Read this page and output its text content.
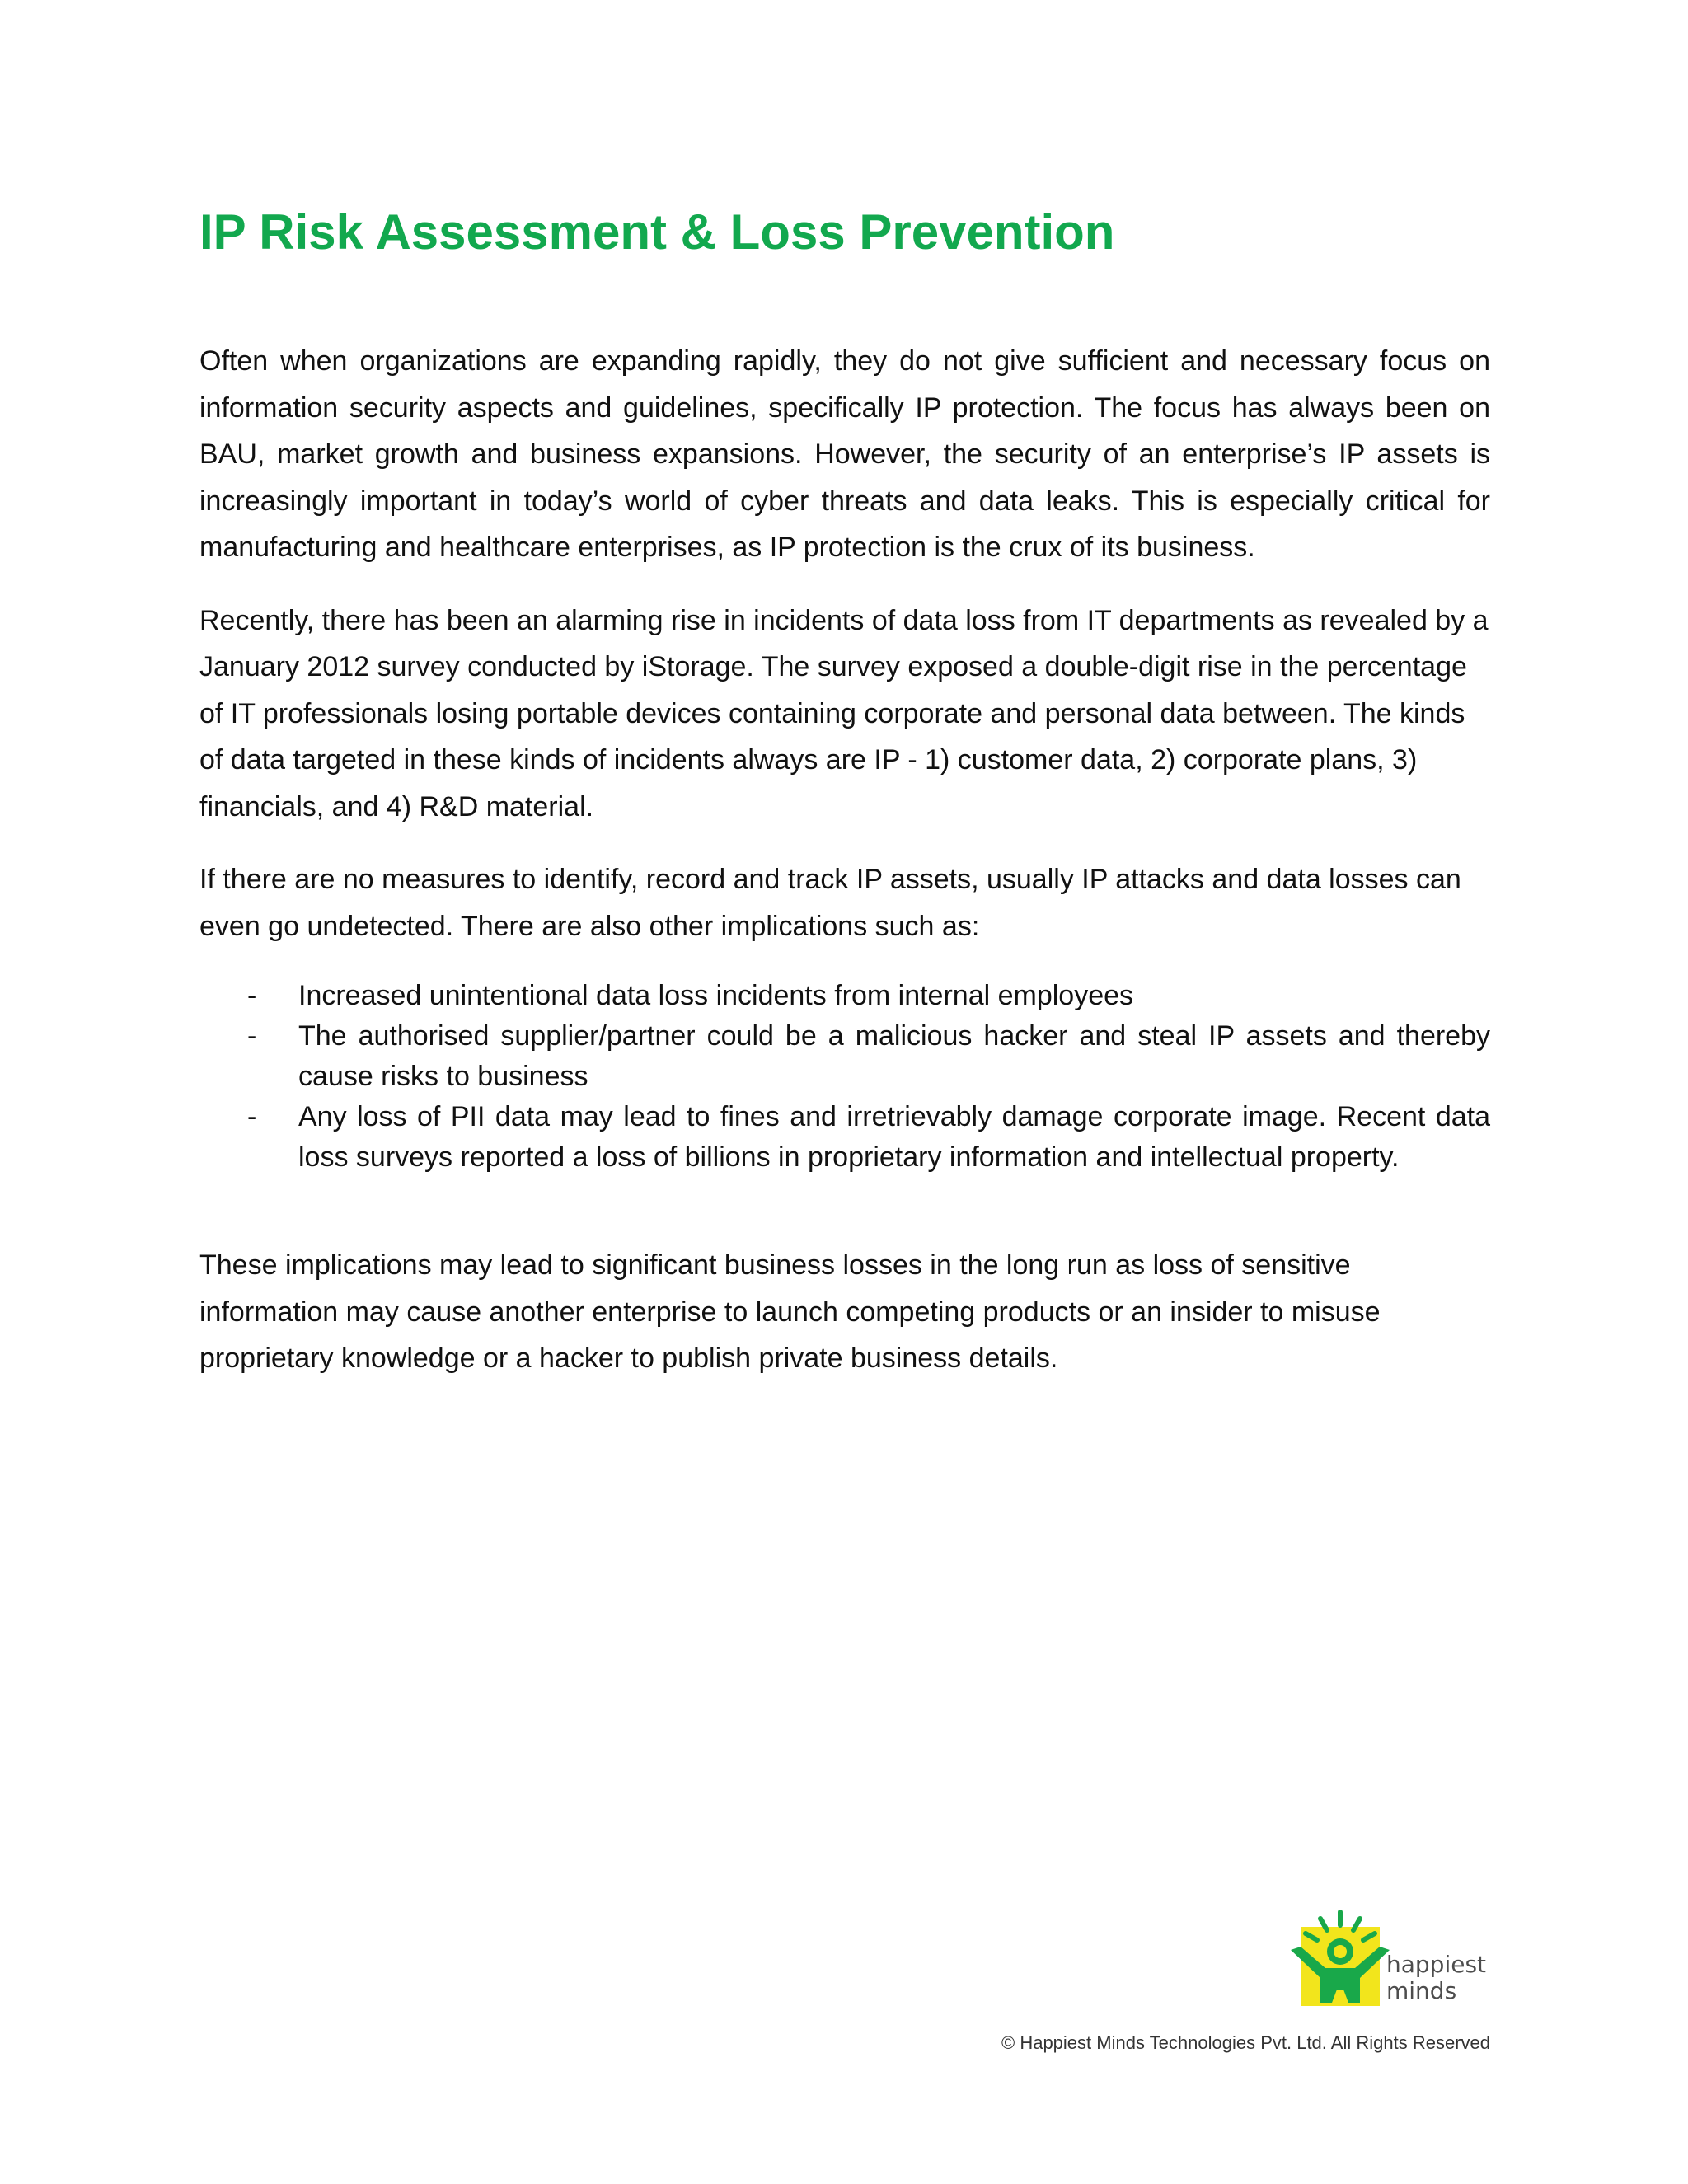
IP Risk Assessment & Loss Prevention

Often when organizations are expanding rapidly, they do not give sufficient and necessary focus on information security aspects and guidelines, specifically IP protection. The focus has always been on BAU, market growth and business expansions. However, the security of an enterprise’s IP assets is increasingly important in today’s world of cyber threats and data leaks. This is especially critical for manufacturing and healthcare enterprises, as IP protection is the crux of its business.

Recently, there has been an alarming rise in incidents of data loss from IT departments as revealed by a January 2012 survey conducted by iStorage. The survey exposed a double-digit rise in the percentage of IT professionals losing portable devices containing corporate and personal data between. The kinds of data targeted in these kinds of incidents always are IP - 1) customer data, 2) corporate plans, 3) financials, and 4) R&D material.

If there are no measures to identify, record and track IP assets, usually IP attacks and data losses can even go undetected. There are also other implications such as:

- Increased unintentional data loss incidents from internal employees
- The authorised supplier/partner could be a malicious hacker and steal IP assets and thereby cause risks to business
- Any loss of PII data may lead to fines and irretrievably damage corporate image. Recent data loss surveys reported a loss of billions in proprietary information and intellectual property.

These implications may lead to significant business losses in the long run as loss of sensitive information may cause another enterprise to launch competing products or an insider to misuse proprietary knowledge or a hacker to publish private business details.

happiest
minds
© Happiest Minds Technologies Pvt. Ltd. All Rights Reserved
